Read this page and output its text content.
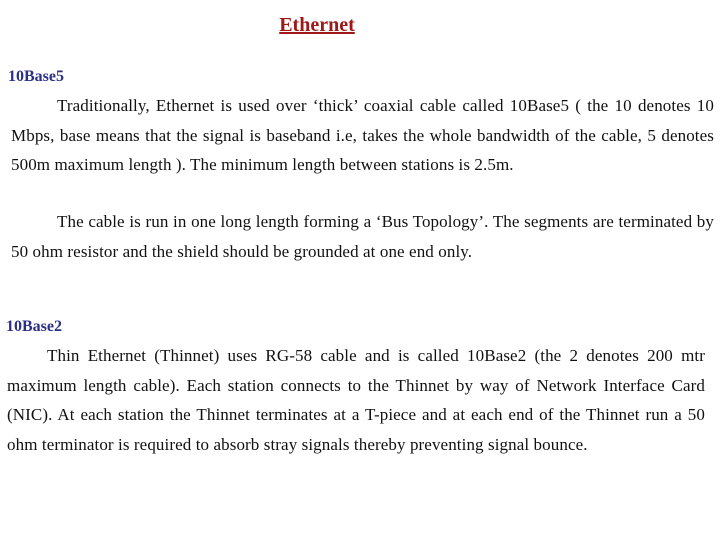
Ethernet
10Base5
Traditionally, Ethernet is used over ‘thick’ coaxial cable called 10Base5 ( the 10 denotes 10 Mbps, base means that the signal is baseband i.e, takes the whole bandwidth of the cable, 5 denotes 500m maximum length ). The minimum length between stations is 2.5m.
The cable is run in one long length forming a ‘Bus Topology’. The segments are terminated by 50 ohm resistor and the shield should be grounded at one end only.
10Base2
Thin Ethernet (Thinnet) uses RG-58 cable and is called 10Base2 (the 2 denotes 200 mtr maximum length cable). Each station connects to the Thinnet by way of Network Interface Card (NIC). At each station the Thinnet terminates at a T-piece and at each end of the Thinnet run a 50 ohm terminator is required to absorb stray signals thereby preventing signal bounce.
